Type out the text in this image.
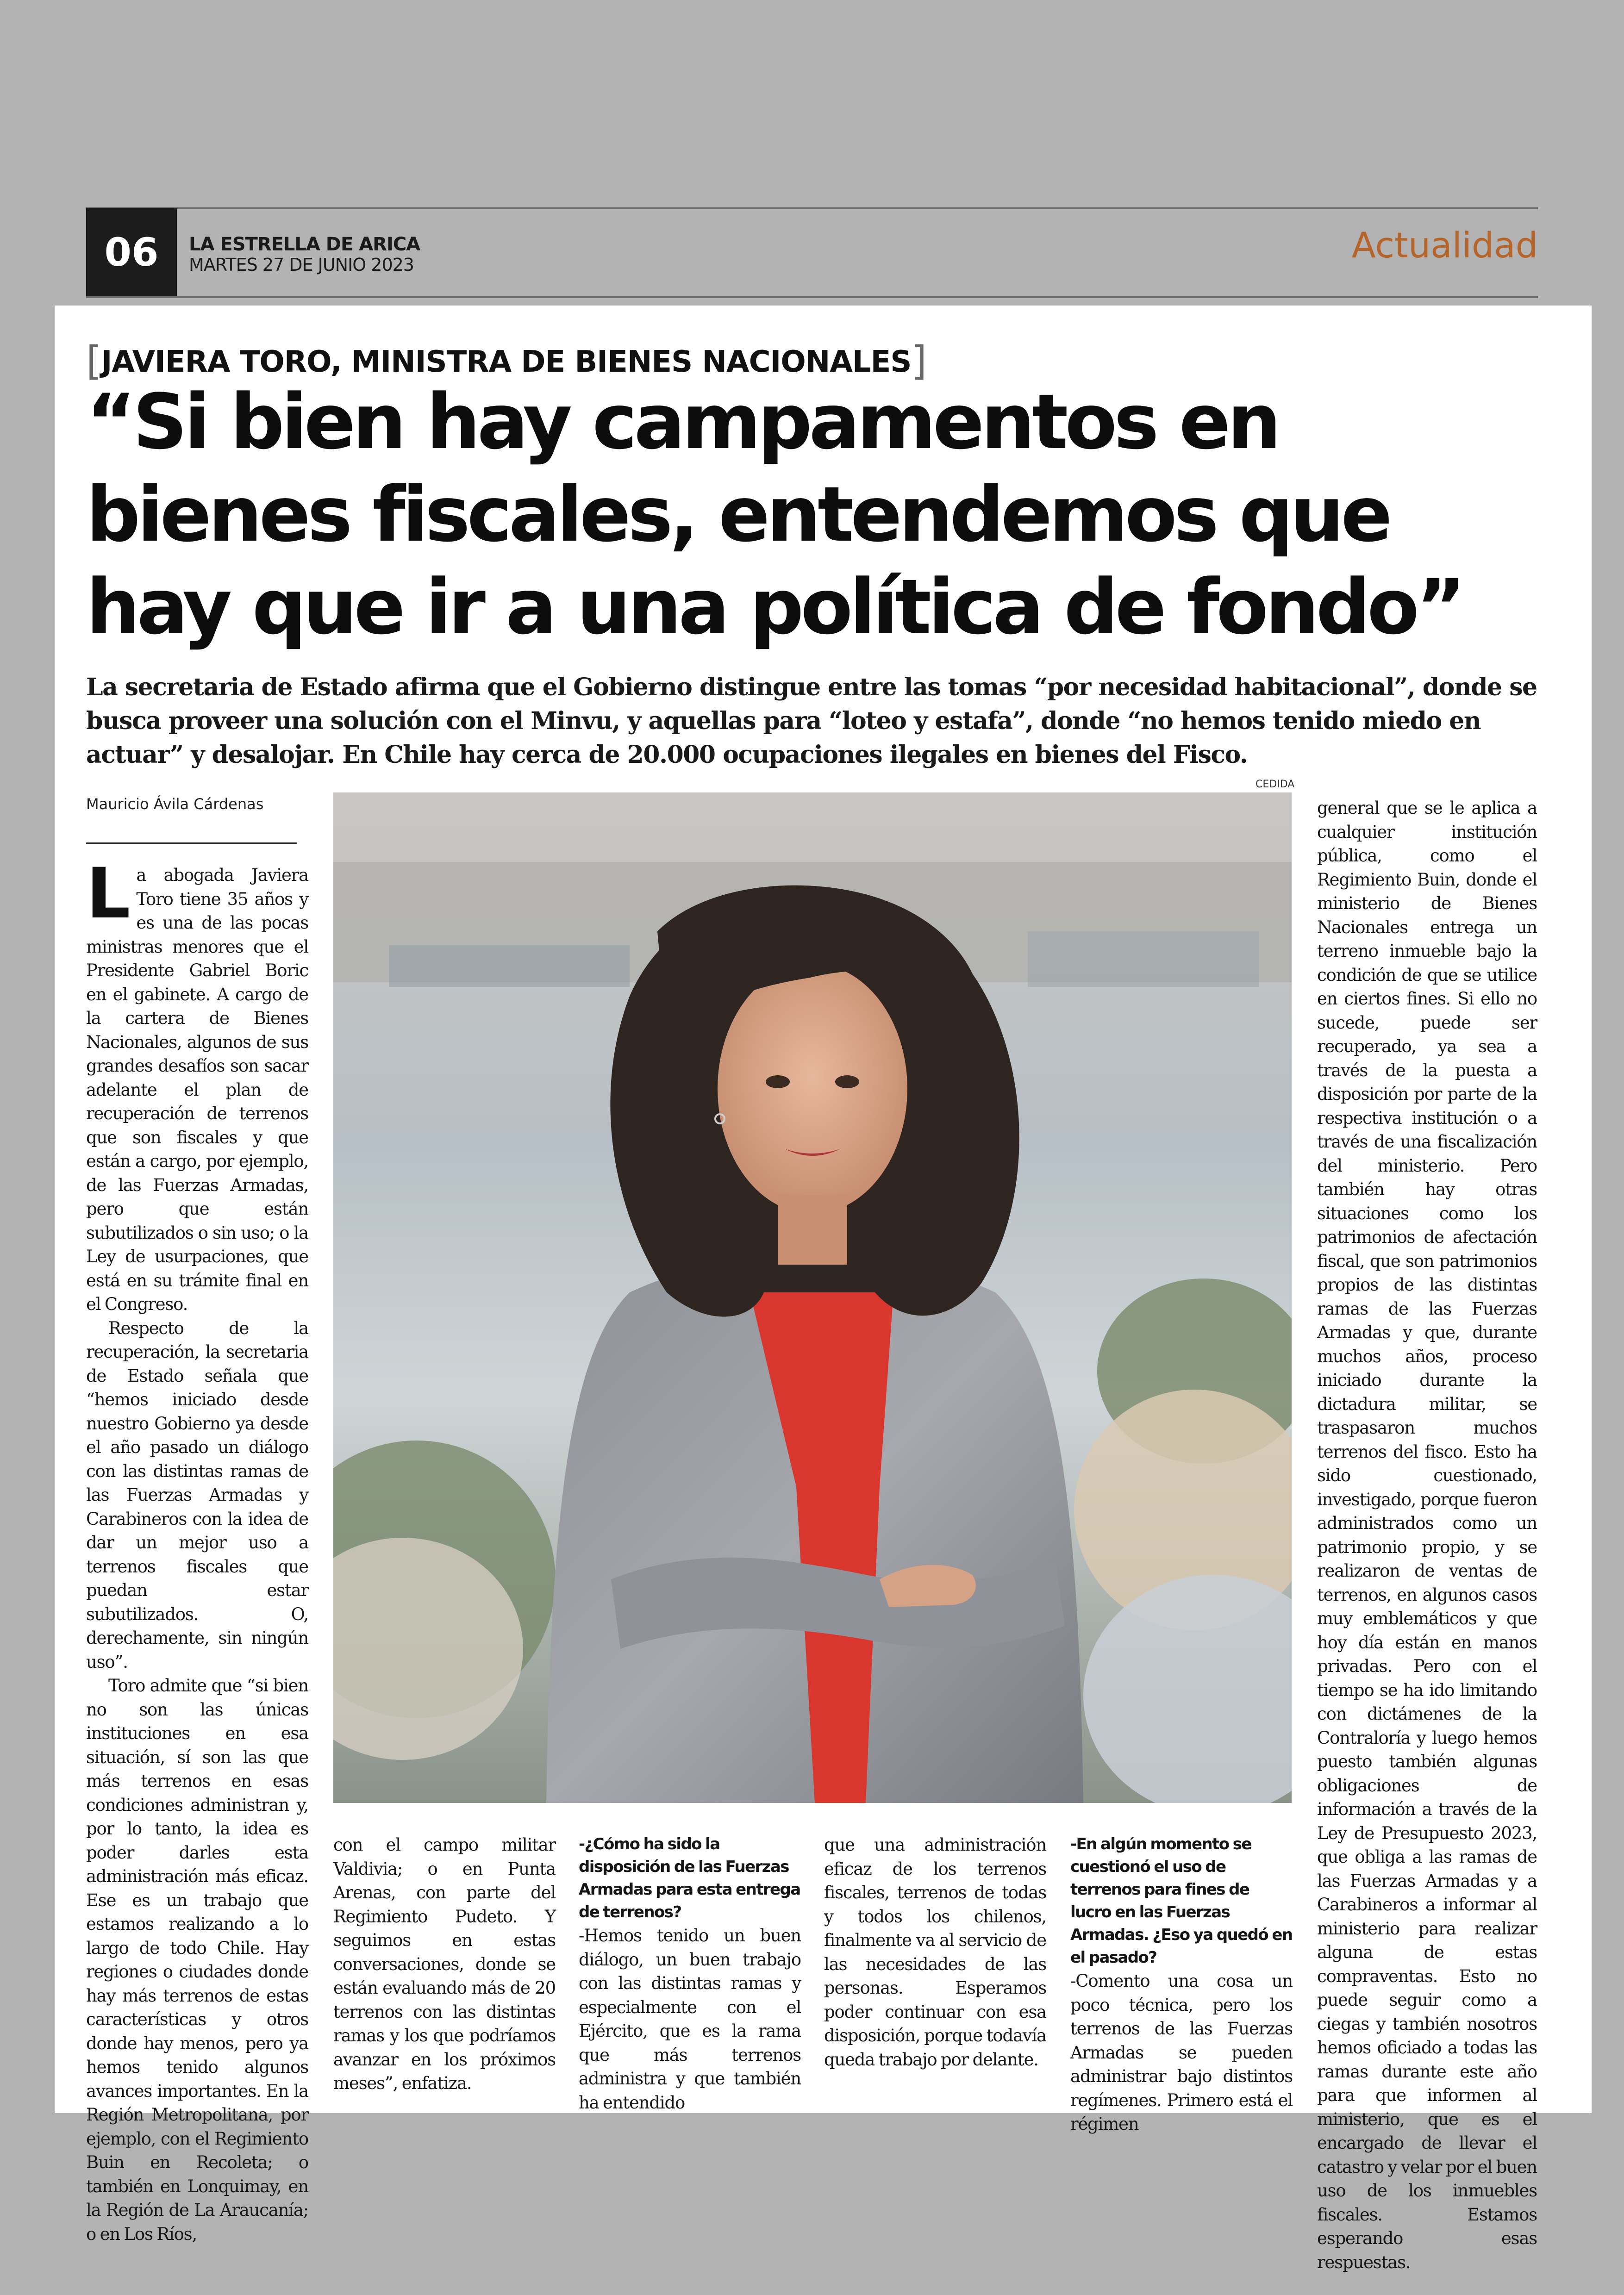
06	LA ESTRELLA DE ARICA
MARTES 27 DE JUNIO 2023	Actualidad
[JAVIERA TORO, MINISTRA DE BIENES NACIONALES]
“Si bien hay campamentos en bienes fiscales, entendemos que hay que ir a una política de fondo”
La secretaria de Estado afirma que el Gobierno distingue entre las tomas “por necesidad habitacional”, donde se busca proveer una solución con el Minvu, y aquellas para “loteo y estafa”, donde “no hemos tenido miedo en actuar” y desalojar. En Chile hay cerca de 20.000 ocupaciones ilegales en bienes del Fisco.
Mauricio Ávila Cárdenas
CEDIDA

La abogada Javiera Toro tiene 35 años y es una de las pocas ministras menores que el Presidente Gabriel Boric en el gabinete. A cargo de la cartera de Bienes Nacionales, algunos de sus grandes desafíos son sacar adelante el plan de recuperación de terrenos que son fiscales y que están a cargo, por ejemplo, de las Fuerzas Armadas, pero que están subutilizados o sin uso; o la Ley de usurpaciones, que está en su trámite final en el Congreso.

Respecto de la recuperación, la secretaria de Estado señala que “hemos iniciado desde nuestro Gobierno ya desde el año pasado un diálogo con las distintas ramas de las Fuerzas Armadas y Carabineros con la idea de dar un mejor uso a terrenos fiscales que puedan estar subutilizados. O, derechamente, sin ningún uso”.

Toro admite que “si bien no son las únicas instituciones en esa situación, sí son las que más terrenos en esas condiciones administran y, por lo tanto, la idea es poder darles esta administración más eficaz. Ese es un trabajo que estamos realizando a lo largo de todo Chile. Hay regiones o ciudades donde hay más terrenos de estas características y otros donde hay menos, pero ya hemos tenido algunos avances importantes. En la Región Metropolitana, por ejemplo, con el Regimiento Buin en Recoleta; o también en Lonquimay, en la Región de La Araucanía; o en Los Ríos,

con el campo militar Valdivia; o en Punta Arenas, con parte del Regimiento Pudeto. Y seguimos en estas conversaciones, donde se están evaluando más de 20 terrenos con las distintas ramas y los que podríamos avanzar en los próximos meses”, enfatiza.

-¿Cómo ha sido la disposición de las Fuerzas Armadas para esta entrega de terrenos?

-Hemos tenido un buen diálogo, un buen trabajo con las distintas ramas y especialmente con el Ejército, que es la rama que más terrenos administra y que también ha entendido

que una administración eficaz de los terrenos fiscales, terrenos de todas y todos los chilenos, finalmente va al servicio de las necesidades de las personas. Esperamos poder continuar con esa disposición, porque todavía queda trabajo por delante.

-En algún momento se cuestionó el uso de terrenos para fines de lucro en las Fuerzas Armadas. ¿Eso ya quedó en el pasado?

-Comento una cosa un poco técnica, pero los terrenos de las Fuerzas Armadas se pueden administrar bajo distintos regímenes. Primero está el régimen

general que se le aplica a cualquier institución pública, como el Regimiento Buin, donde el ministerio de Bienes Nacionales entrega un terreno inmueble bajo la condición de que se utilice en ciertos fines. Si ello no sucede, puede ser recuperado, ya sea a través de la puesta a disposición por parte de la respectiva institución o a través de una fiscalización del ministerio. Pero también hay otras situaciones como los patrimonios de afectación fiscal, que son patrimonios propios de las distintas ramas de las Fuerzas Armadas y que, durante muchos años, proceso iniciado durante la dictadura militar, se traspasaron muchos terrenos del fisco. Esto ha sido cuestionado, investigado, porque fueron administrados como un patrimonio propio, y se realizaron de ventas de terrenos, en algunos casos muy emblemáticos y que hoy día están en manos privadas. Pero con el tiempo se ha ido limitando con dictámenes de la Contraloría y luego hemos puesto también algunas obligaciones de información a través de la Ley de Presupuesto 2023, que obliga a las ramas de las Fuerzas Armadas y a Carabineros a informar al ministerio para realizar alguna de estas compraventas. Esto no puede seguir como a ciegas y también nosotros hemos oficiado a todas las ramas durante este año para que informen al ministerio, que es el encargado de llevar el catastro y velar por el buen uso de los inmuebles fiscales. Estamos esperando esas respuestas.
